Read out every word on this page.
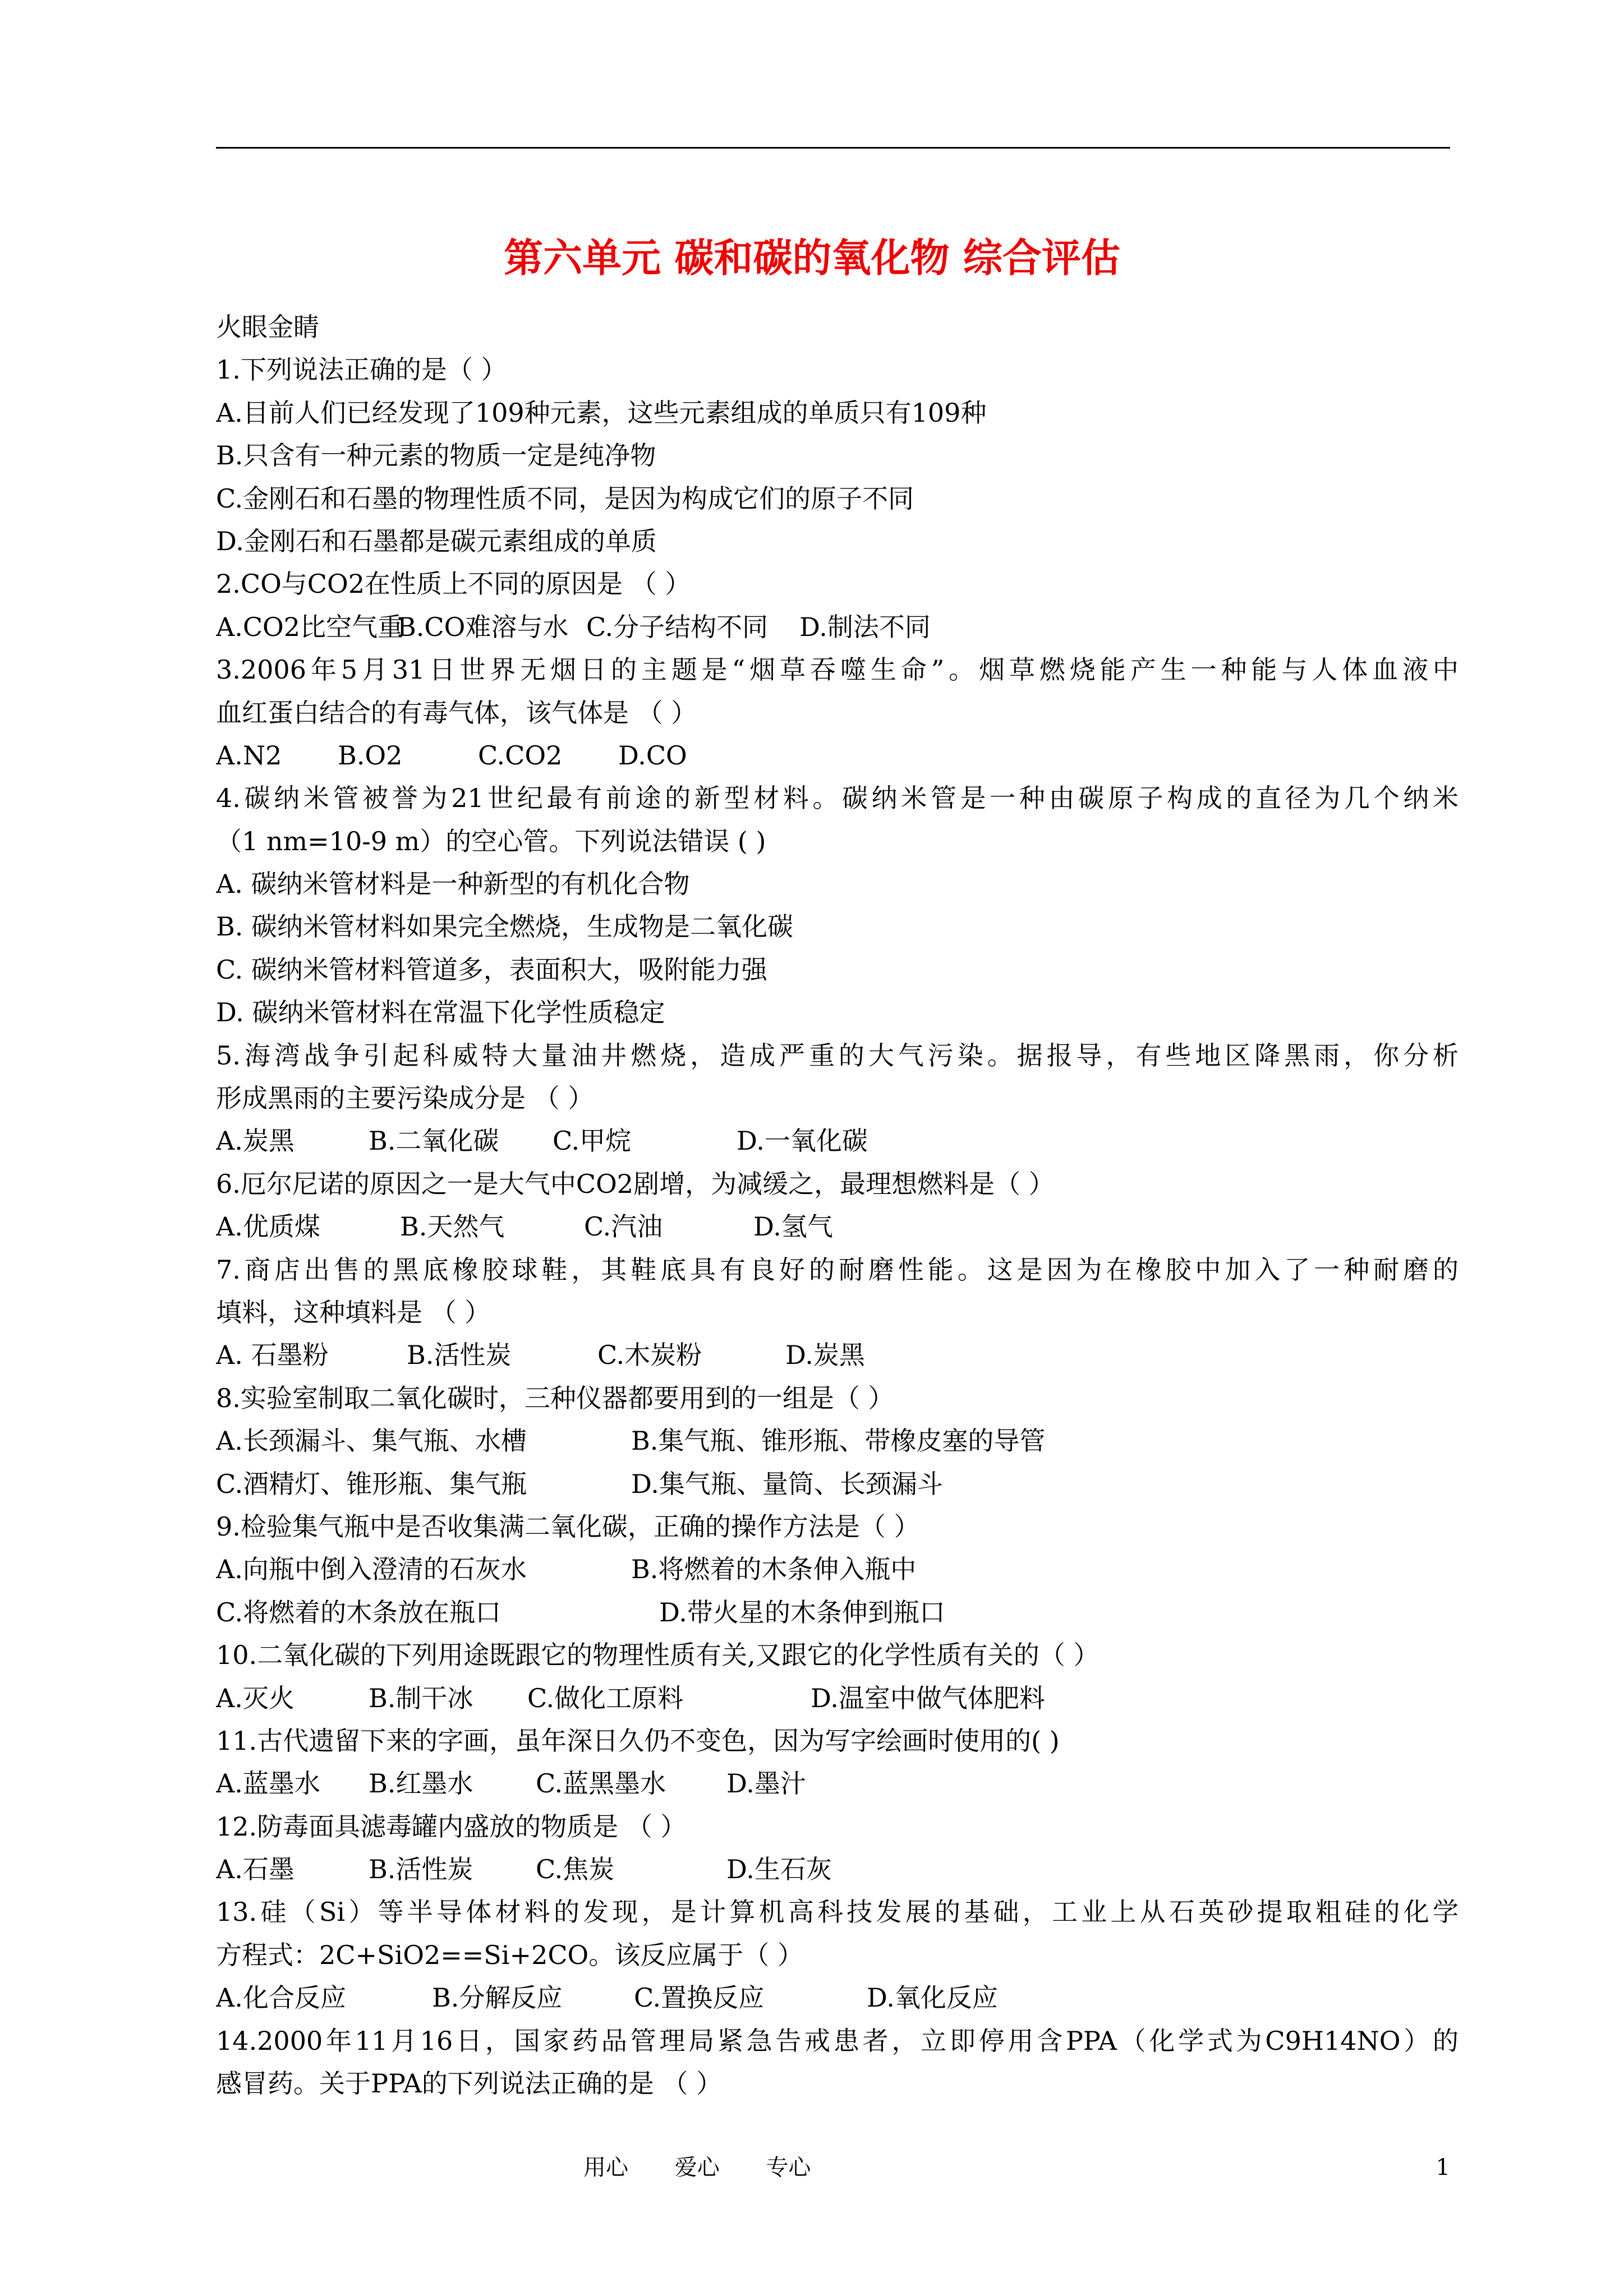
第六单元 碳和碳的氧化物 综合评估
火眼金睛
1.下列说法正确的是（ ）
A.目前人们已经发现了109种元素，这些元素组成的单质只有109种
B.只含有一种元素的物质一定是纯净物
C.金刚石和石墨的物理性质不同，是因为构成它们的原子不同
D.金刚石和石墨都是碳元素组成的单质
2.CO与CO2在性质上不同的原因是 （ ）
A.CO2比空气重
B.CO难溶与水 C.分子结构不同 D.制法不同
3.2006年5月31日世界无烟日的主题是“烟草吞噬生命”。烟草燃烧能产生一种能与人体血液中
血红蛋白结合的有毒气体，该气体是 （ ）
A.N2 B.O2	C.CO2 D.CO
4.碳纳米管被誉为21世纪最有前途的新型材料。碳纳米管是一种由碳原子构成的直径为几个纳米
（1 nm=10-9 m）的空心管。下列说法错误 ( )
A. 碳纳米管材料是一种新型的有机化合物
B. 碳纳米管材料如果完全燃烧，生成物是二氧化碳
C. 碳纳米管材料管道多，表面积大，吸附能力强
D. 碳纳米管材料在常温下化学性质稳定
5.海湾战争引起科威特大量油井燃烧，造成严重的大气污染。据报导，有些地区降黑雨，你分析
形成黑雨的主要污染成分是 （ ）
A.炭黑	B.二氧化碳 C.甲烷	D.一氧化碳
6.厄尔尼诺的原因之一是大气中CO2剧增，为减缓之，最理想燃料是（ ）
A.优质煤	B.天然气	C.汽油	D.氢气
7.商店出售的黑底橡胶球鞋，其鞋底具有良好的耐磨性能。这是因为在橡胶中加入了一种耐磨的
填料，这种填料是 （ ）
A. 石墨粉	B.活性炭	C.木炭粉	D.炭黑
8.实验室制取二氧化碳时，三种仪器都要用到的一组是（ ）
A.长颈漏斗、集气瓶、水槽	B.集气瓶、锥形瓶、带橡皮塞的导管
C.酒精灯、锥形瓶、集气瓶	D.集气瓶、量筒、长颈漏斗
9.检验集气瓶中是否收集满二氧化碳，正确的操作方法是（ ）
A.向瓶中倒入澄清的石灰水	B.将燃着的木条伸入瓶中
C.将燃着的木条放在瓶口	D.带火星的木条伸到瓶口
10.二氧化碳的下列用途既跟它的物理性质有关,又跟它的化学性质有关的（ ）
A.灭火	B.制干冰 C.做化工原料	D.温室中做气体肥料
11.古代遗留下来的字画，虽年深日久仍不变色，因为写字绘画时使用的( )
A.蓝墨水 B.红墨水 C.蓝黑墨水 D.墨汁
12.防毒面具滤毒罐内盛放的物质是 （ ）
A.石墨	B.活性炭 C.焦炭	D.生石灰
13.硅（Si）等半导体材料的发现，是计算机高科技发展的基础，工业上从石英砂提取粗硅的化学
方程式：2C+SiO2==Si+2CO。该反应属于（ ）
A.化合反应	B.分解反应	C.置换反应	D.氧化反应
14.2000年11月16日，国家药品管理局紧急告戒患者，立即停用含PPA（化学式为C9H14NO）的
感冒药。关于PPA的下列说法正确的是 （ ）
用心 爱心 专心	1
